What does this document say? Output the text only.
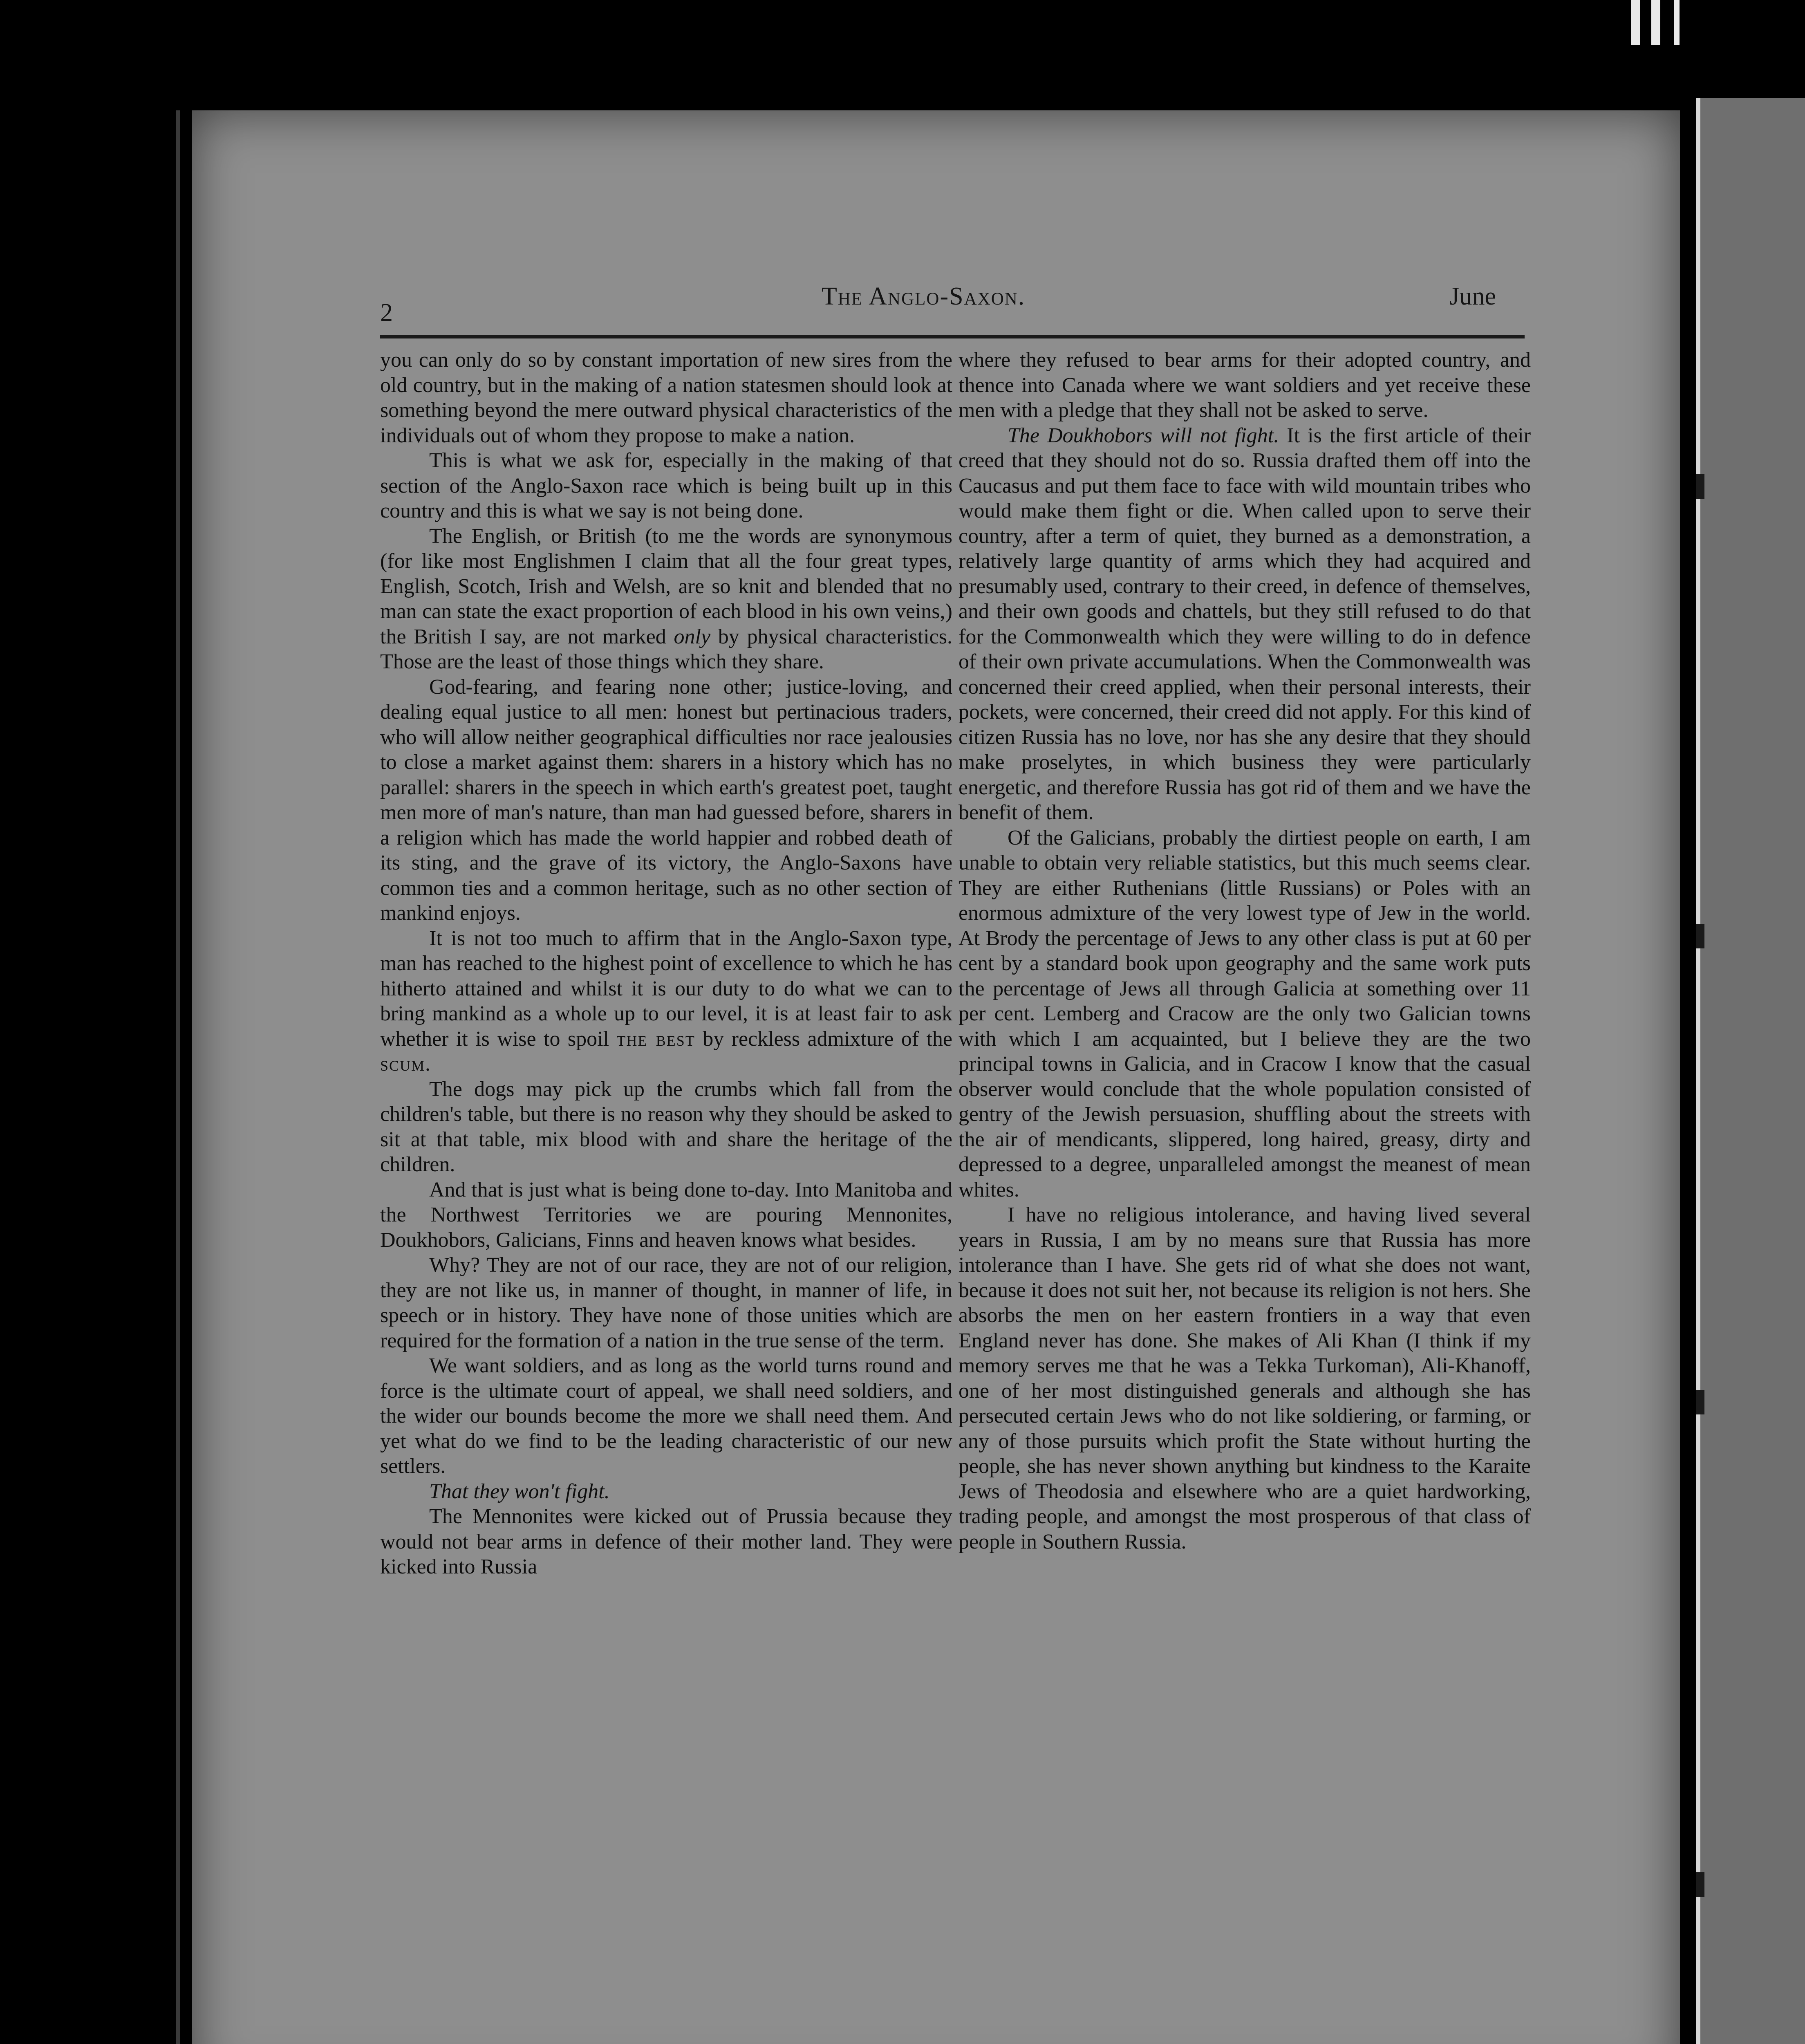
2
The Anglo-Saxon.	June

you can only do so by constant importation of new sires from the old country, but in the making of a nation statesmen should look at something beyond the mere outward physical characteristics of the individuals out of whom they propose to make a nation.

This is what we ask for, especially in the making of that section of the Anglo-Saxon race which is being built up in this country and this is what we say is not being done.

The English, or British (to me the words are synonymous (for like most Englishmen I claim that all the four great types, English, Scotch, Irish and Welsh, are so knit and blended that no man can state the exact proportion of each blood in his own veins,) the British I say, are not marked only by physical characteristics. Those are the least of those things which they share.

God-fearing, and fearing none other; justice-loving, and dealing equal justice to all men: honest but pertinacious traders, who will allow neither geographical difficulties nor race jealousies to close a market against them: sharers in a history which has no parallel: sharers in the speech in which earth's greatest poet, taught men more of man's nature, than man had guessed before, sharers in a religion which has made the world happier and robbed death of its sting, and the grave of its victory, the Anglo-Saxons have common ties and a common heritage, such as no other section of mankind enjoys.

It is not too much to affirm that in the Anglo-Saxon type, man has reached to the highest point of excellence to which he has hitherto attained and whilst it is our duty to do what we can to bring mankind as a whole up to our level, it is at least fair to ask whether it is wise to spoil the best by reckless admixture of the scum.

The dogs may pick up the crumbs which fall from the children's table, but there is no reason why they should be asked to sit at that table, mix blood with and share the heritage of the children.

And that is just what is being done to-day. Into Manitoba and the Northwest Territories we are pouring Mennonites, Doukhobors, Galicians, Finns and heaven knows what besides.

Why? They are not of our race, they are not of our religion, they are not like us, in manner of thought, in manner of life, in speech or in history. They have none of those unities which are required for the formation of a nation in the true sense of the term.

We want soldiers, and as long as the world turns round and force is the ultimate court of appeal, we shall need soldiers, and the wider our bounds become the more we shall need them. And yet what do we find to be the leading characteristic of our new settlers.

That they won't fight.

The Mennonites were kicked out of Prussia because they would not bear arms in defence of their mother land. They were kicked into Russia

where they refused to bear arms for their adopted country, and thence into Canada where we want soldiers and yet receive these men with a pledge that they shall not be asked to serve.

The Doukhobors will not fight. It is the first article of their creed that they should not do so. Russia drafted them off into the Caucasus and put them face to face with wild mountain tribes who would make them fight or die. When called upon to serve their country, after a term of quiet, they burned as a demonstration, a relatively large quantity of arms which they had acquired and presumably used, contrary to their creed, in defence of themselves, and their own goods and chattels, but they still refused to do that for the Commonwealth which they were willing to do in defence of their own private accumulations. When the Commonwealth was concerned their creed applied, when their personal interests, their pockets, were concerned, their creed did not apply. For this kind of citizen Russia has no love, nor has she any desire that they should make proselytes, in which business they were particularly energetic, and therefore Russia has got rid of them and we have the benefit of them.

Of the Galicians, probably the dirtiest people on earth, I am unable to obtain very reliable statistics, but this much seems clear. They are either Ruthenians (little Russians) or Poles with an enormous admixture of the very lowest type of Jew in the world. At Brody the percentage of Jews to any other class is put at 60 per cent by a standard book upon geography and the same work puts the percentage of Jews all through Galicia at something over 11 per cent. Lemberg and Cracow are the only two Galician towns with which I am acquainted, but I believe they are the two principal towns in Galicia, and in Cracow I know that the casual observer would conclude that the whole population consisted of gentry of the Jewish persuasion, shuffling about the streets with the air of mendicants, slippered, long haired, greasy, dirty and depressed to a degree, unparalleled amongst the meanest of mean whites.

I have no religious intolerance, and having lived several years in Russia, I am by no means sure that Russia has more intolerance than I have. She gets rid of what she does not want, because it does not suit her, not because its religion is not hers. She absorbs the men on her eastern frontiers in a way that even England never has done. She makes of Ali Khan (I think if my memory serves me that he was a Tekka Turkoman), Ali-Khanoff, one of her most distinguished generals and although she has persecuted certain Jews who do not like soldiering, or farming, or any of those pursuits which profit the State without hurting the people, she has never shown anything but kindness to the Karaite Jews of Theodosia and elsewhere who are a quiet hardworking, trading people, and amongst the most prosperous of that class of people in Southern Russia.
